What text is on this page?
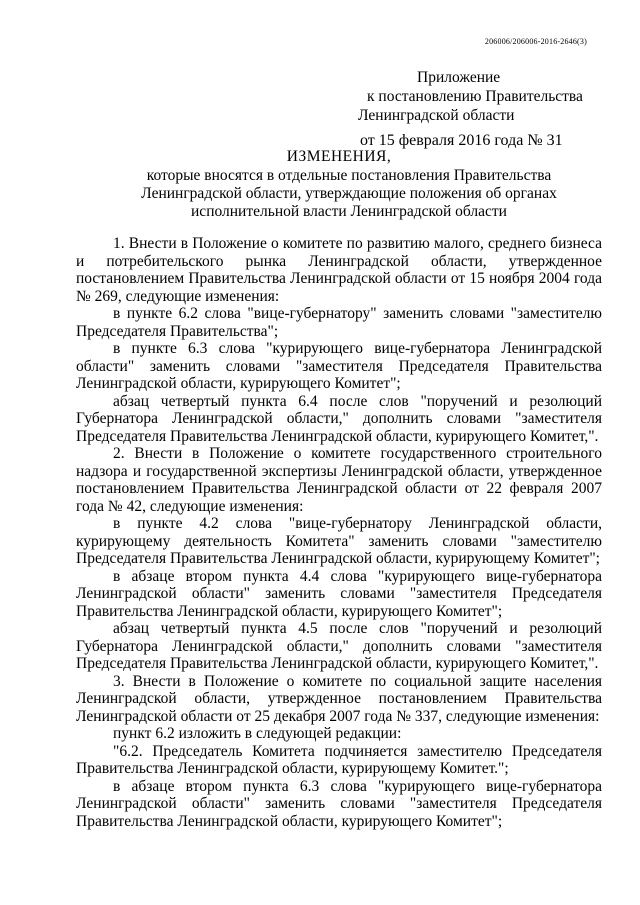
206006/206006-2016-2646(3)
Приложение
к постановлению Правительства
Ленинградской области
от 15 февраля 2016 года № 31
ИЗМЕНЕНИЯ,
которые вносятся в отдельные постановления Правительства
Ленинградской области, утверждающие положения об органах
исполнительной власти Ленинградской области

1. Внести в Положение о комитете по развитию малого, среднего бизнеса и потребительского рынка Ленинградской области, утвержденное постановлением Правительства Ленинградской области от 15 ноября 2004 года № 269, следующие изменения:

в пункте 6.2 слова "вице-губернатору" заменить словами "заместителю Председателя Правительства";

в пункте 6.3 слова "курирующего вице-губернатора Ленинградской области" заменить словами "заместителя Председателя Правительства Ленинградской области, курирующего Комитет";

абзац четвертый пункта 6.4 после слов "поручений и резолюций Губернатора Ленинградской области," дополнить словами "заместителя Председателя Правительства Ленинградской области, курирующего Комитет,".

2. Внести в Положение о комитете государственного строительного надзора и государственной экспертизы Ленинградской области, утвержденное постановлением Правительства Ленинградской области от 22 февраля 2007 года № 42, следующие изменения:

в пункте 4.2 слова "вице-губернатору Ленинградской области, курирующему деятельность Комитета" заменить словами "заместителю Председателя Правительства Ленинградской области, курирующему Комитет";

в абзаце втором пункта 4.4 слова "курирующего вице-губернатора Ленинградской области" заменить словами "заместителя Председателя Правительства Ленинградской области, курирующего Комитет";

абзац четвертый пункта 4.5 после слов "поручений и резолюций Губернатора Ленинградской области," дополнить словами "заместителя Председателя Правительства Ленинградской области, курирующего Комитет,".

3. Внести в Положение о комитете по социальной защите населения Ленинградской области, утвержденное постановлением Правительства Ленинградской области от 25 декабря 2007 года № 337, следующие изменения:

пункт 6.2 изложить в следующей редакции:

"6.2. Председатель Комитета подчиняется заместителю Председателя Правительства Ленинградской области, курирующему Комитет.";

в абзаце втором пункта 6.3 слова "курирующего вице-губернатора Ленинградской области" заменить словами "заместителя Председателя Правительства Ленинградской области, курирующего Комитет";
